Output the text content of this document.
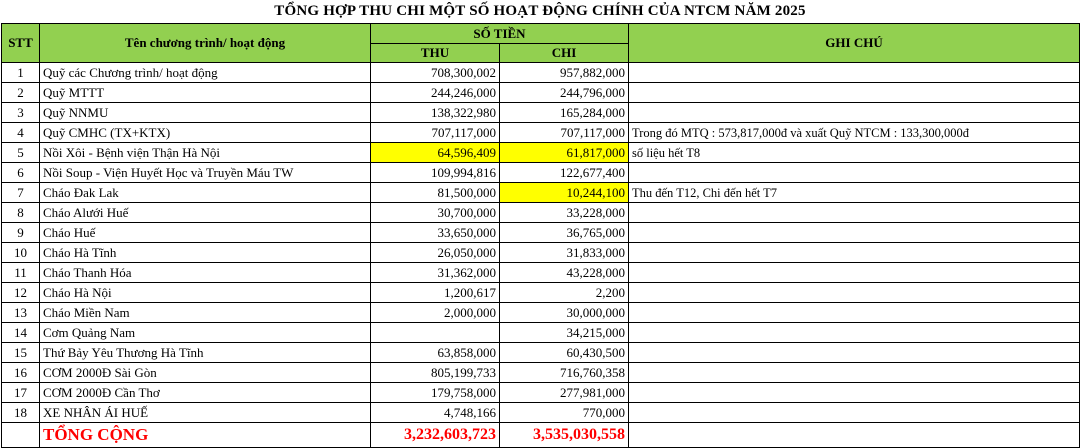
TỔNG HỢP THU CHI MỘT SỐ HOẠT ĐỘNG CHÍNH CỦA NTCM NĂM 2025
STT	Tên chương trình/ hoạt động	SỐ TIỀN		GHI CHÚ
		THU	CHI	
1	Quỹ các Chương trình/ hoạt động	708,300,002	957,882,000	
2	Quỹ MTTT	244,246,000	244,796,000	
3	Quỹ NNMU	138,322,980	165,284,000	
4	Quỹ CMHC (TX+KTX)	707,117,000	707,117,000	Trong đó MTQ : 573,817,000đ và xuất Quỹ NTCM : 133,300,000đ
5	Nồi Xôi - Bệnh viện Thận Hà Nội	64,596,409	61,817,000	số liệu hết T8
6	Nồi Soup - Viện Huyết Học và Truyền Máu TW	109,994,816	122,677,400	
7	Cháo Đak Lak	81,500,000	10,244,100	Thu đến T12, Chi đến hết T7
8	Cháo Alưới Huế	30,700,000	33,228,000	
9	Cháo Huế	33,650,000	36,765,000	
10	Cháo Hà Tĩnh	26,050,000	31,833,000	
11	Cháo Thanh Hóa	31,362,000	43,228,000	
12	Cháo Hà Nội	1,200,617	2,200	
13	Cháo Miền Nam	2,000,000	30,000,000	
14	Cơm Quảng Nam		34,215,000	
15	Thứ Bảy Yêu Thương Hà Tĩnh	63,858,000	60,430,500	
16	CƠM 2000Đ Sài Gòn	805,199,733	716,760,358	
17	CƠM 2000Đ Cần Thơ	179,758,000	277,981,000	
18	XE NHÂN ÁI HUẾ	4,748,166	770,000	
	TỔNG CỘNG	3,232,603,723	3,535,030,558	
